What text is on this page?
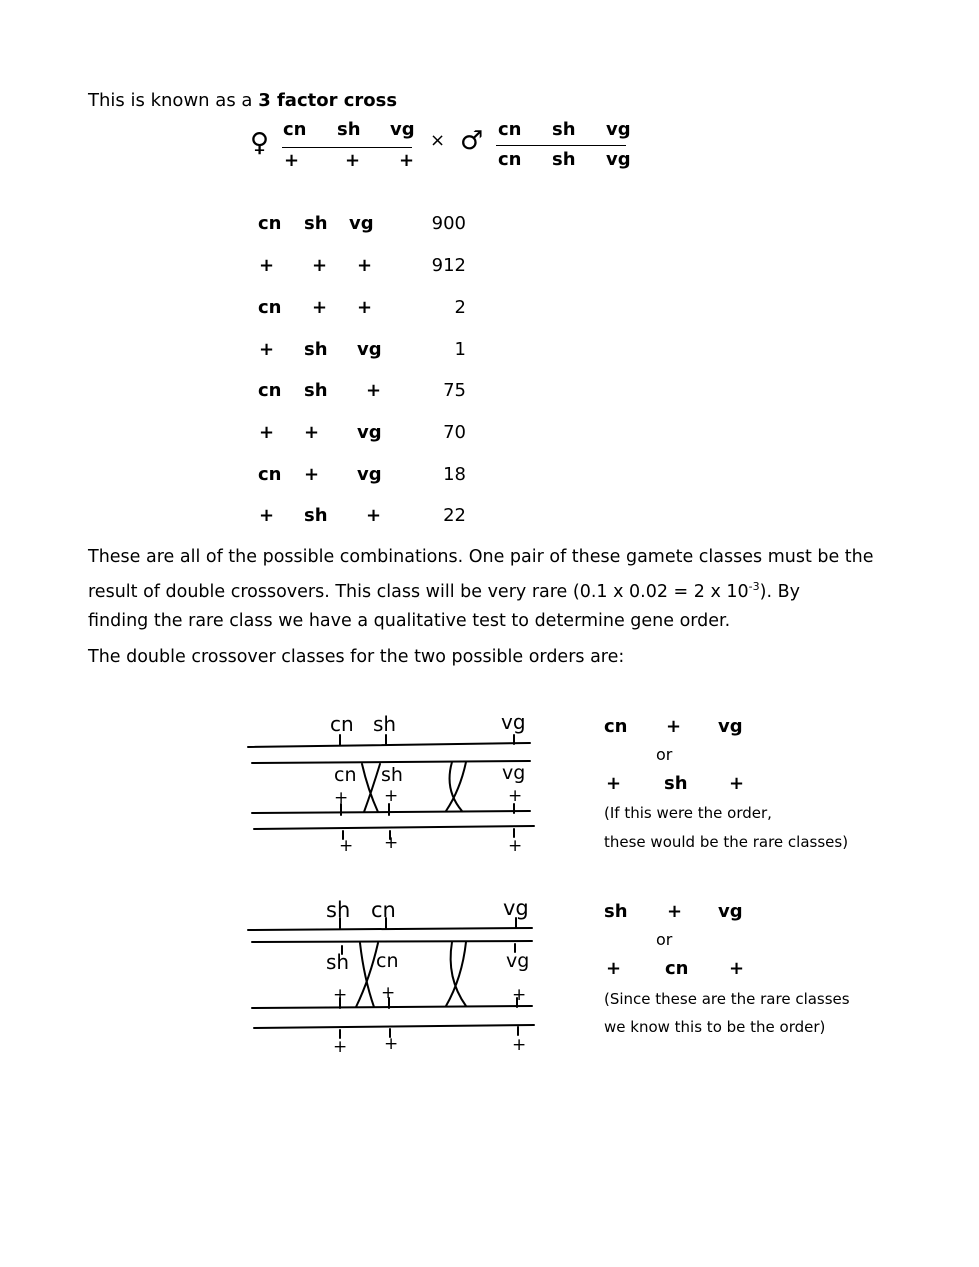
This is known as a 3 factor cross
♀ cn sh vg
+	+ +
× ♂ cn sh vg
cn sh vg
cn sh vg	900
+ + +	912
cn + +	2
+ sh vg	1
cn sh +	75
+ + vg	70
cn + vg	18
+ sh +	22
These are all of the possible combinations. One pair of these gamete classes must be the
result of double crossovers. This class will be very rare (0.1 x 0.02 = 2 x $10^{-3}$). By
finding the rare class we have a qualitative test to determine gene order.
The double crossover classes for the two possible orders are:
cn sh	vg
cn sh	vg
+ +	+
+ +	+
cn + vg
or
+ sh +
(If this were the order,
these would be the rare classes)
sh cn	vg
sh cn	vg
+ +	+
+ +	+
sh + vg
or
+ cn +
(Since these are the rare classes
we know this to be the order)
